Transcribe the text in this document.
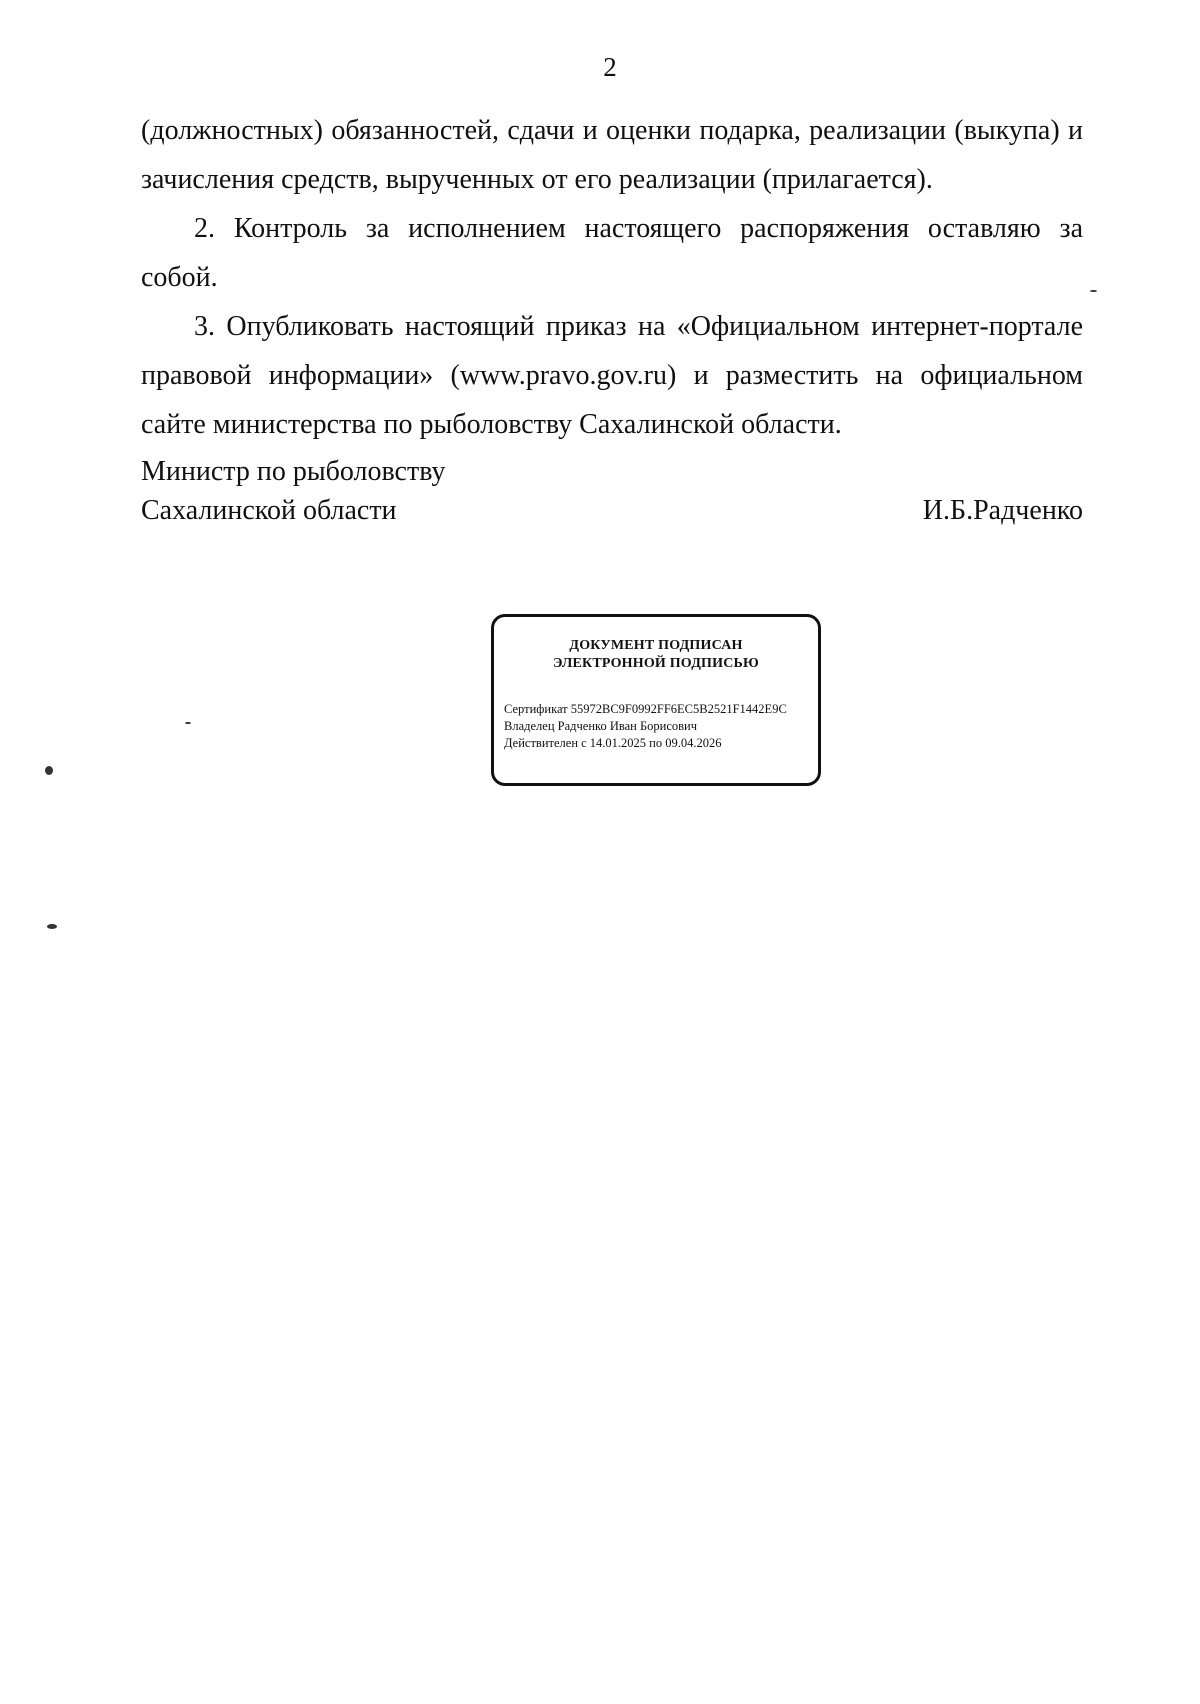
2

(должностных) обязанностей, сдачи и оценки подарка, реализации (выкупа) и

зачисления средств, вырученных от его реализации (прилагается).

2. Контроль за исполнением настоящего распоряжения оставляю за собой.

3. Опубликовать настоящий приказ на «Официальном интернет-портале правовой информации» (www.pravo.gov.ru) и разместить на официальном сайте министерства по рыболовству Сахалинской области.

Министр по рыболовству
Сахалинской области	И.Б.Радченко
ДОКУМЕНТ ПОДПИСАН
ЭЛЕКТРОННОЙ ПОДПИСЬЮ
Сертификат 55972BC9F0992FF6EC5B2521F1442E9C
Владелец Радченко Иван Борисович
Действителен с 14.01.2025 по 09.04.2026
